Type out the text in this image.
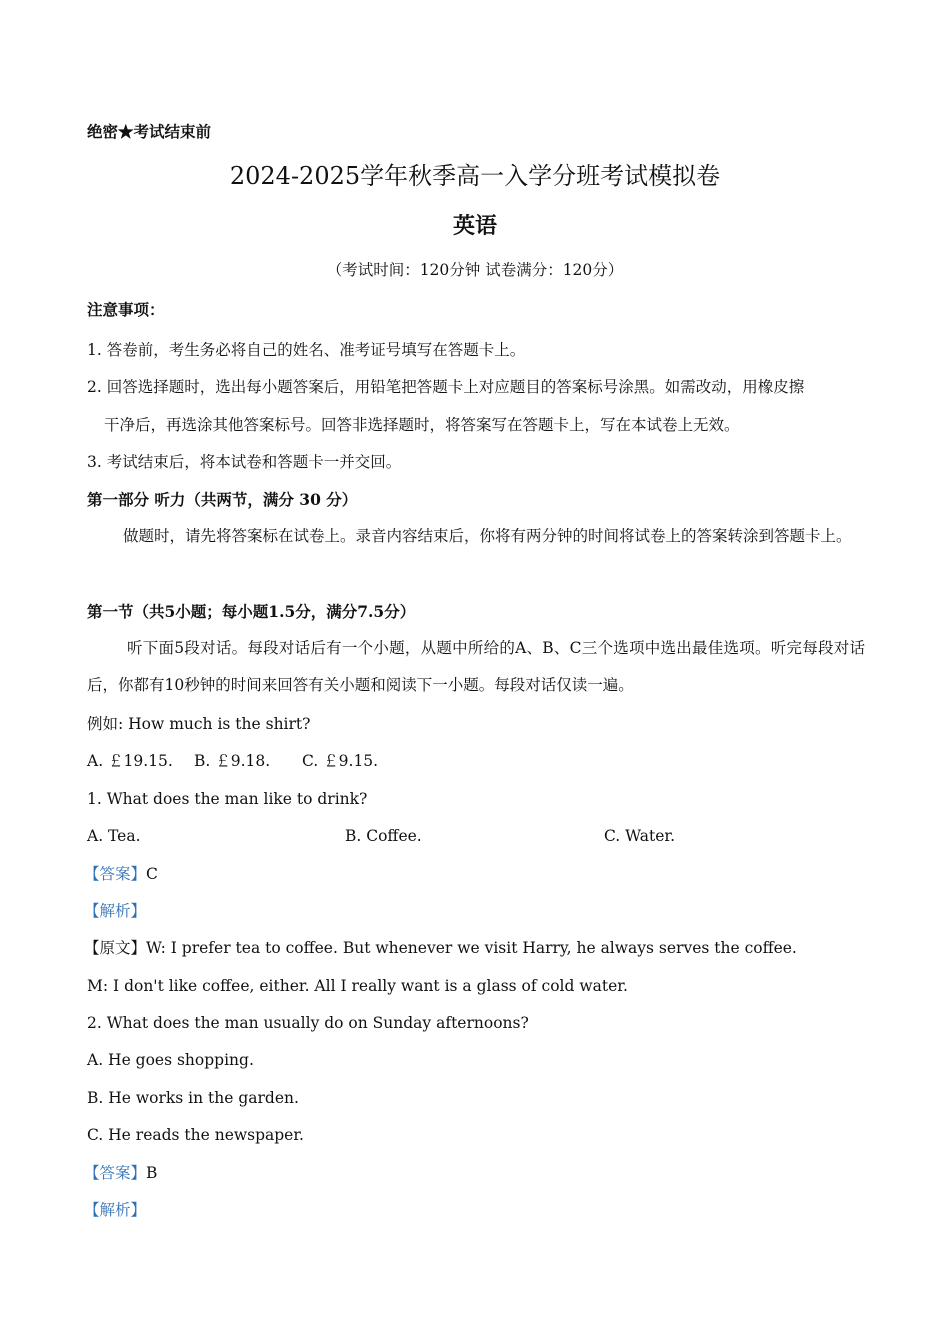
绝密★考试结束前
2024-2025学年秋季高一入学分班考试模拟卷
英语
（考试时间：120分钟 试卷满分：120分）
注意事项：
1. 答卷前，考生务必将自己的姓名、准考证号填写在答题卡上。
2. 回答选择题时，选出每小题答案后，用铅笔把答题卡上对应题目的答案标号涂黑。如需改动，用橡皮擦
干净后，再选涂其他答案标号。回答非选择题时，将答案写在答题卡上，写在本试卷上无效。
3. 考试结束后，将本试卷和答题卡一并交回。
第一部分 听力（共两节，满分 30 分）
做题时，请先将答案标在试卷上。录音内容结束后，你将有两分钟的时间将试卷上的答案转涂到答题卡上。
第一节（共5小题；每小题1.5分，满分7.5分）
听下面5段对话。每段对话后有一个小题，从题中所给的A、B、C三个选项中选出最佳选项。听完每段对话后，你都有10秒钟的时间来回答有关小题和阅读下一小题。每段对话仅读一遍。
例如: How much is the shirt?
A. ￡19.15. B. ￡9.18. C. ￡9.15.
1. What does the man like to drink?
A. Tea.	B. Coffee.	C. Water.
【答案】C
【解析】
【原文】W: I prefer tea to coffee. But whenever we visit Harry, he always serves the coffee.
M: I don't like coffee, either. All I really want is a glass of cold water.
2. What does the man usually do on Sunday afternoons?
A. He goes shopping.
B. He works in the garden.
C. He reads the newspaper.
【答案】B
【解析】
